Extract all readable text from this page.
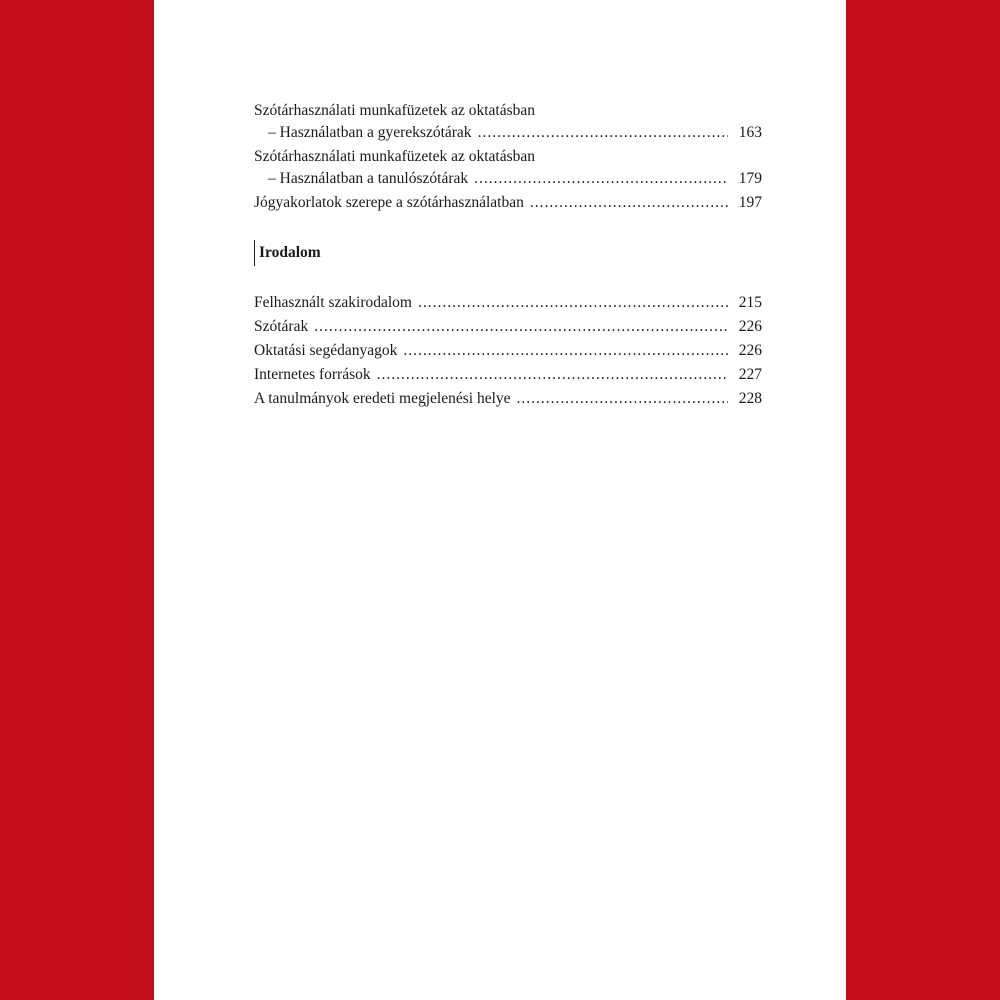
Szótárhasználati munkafüzetek az oktatásban
– Használatban a gyerekszótárak .....	163
Szótárhasználati munkafüzetek az oktatásban
– Használatban a tanulószótárak .....	179
Jógyakorlatok szerepe a szótárhasználatban .....	197
Irodalom
Felhasznált szakirodalom .....	215
Szótárak .....	226
Oktatási segédanyagok .....	226
Internetes források .....	227
A tanulmányok eredeti megjelenési helye .....	228
